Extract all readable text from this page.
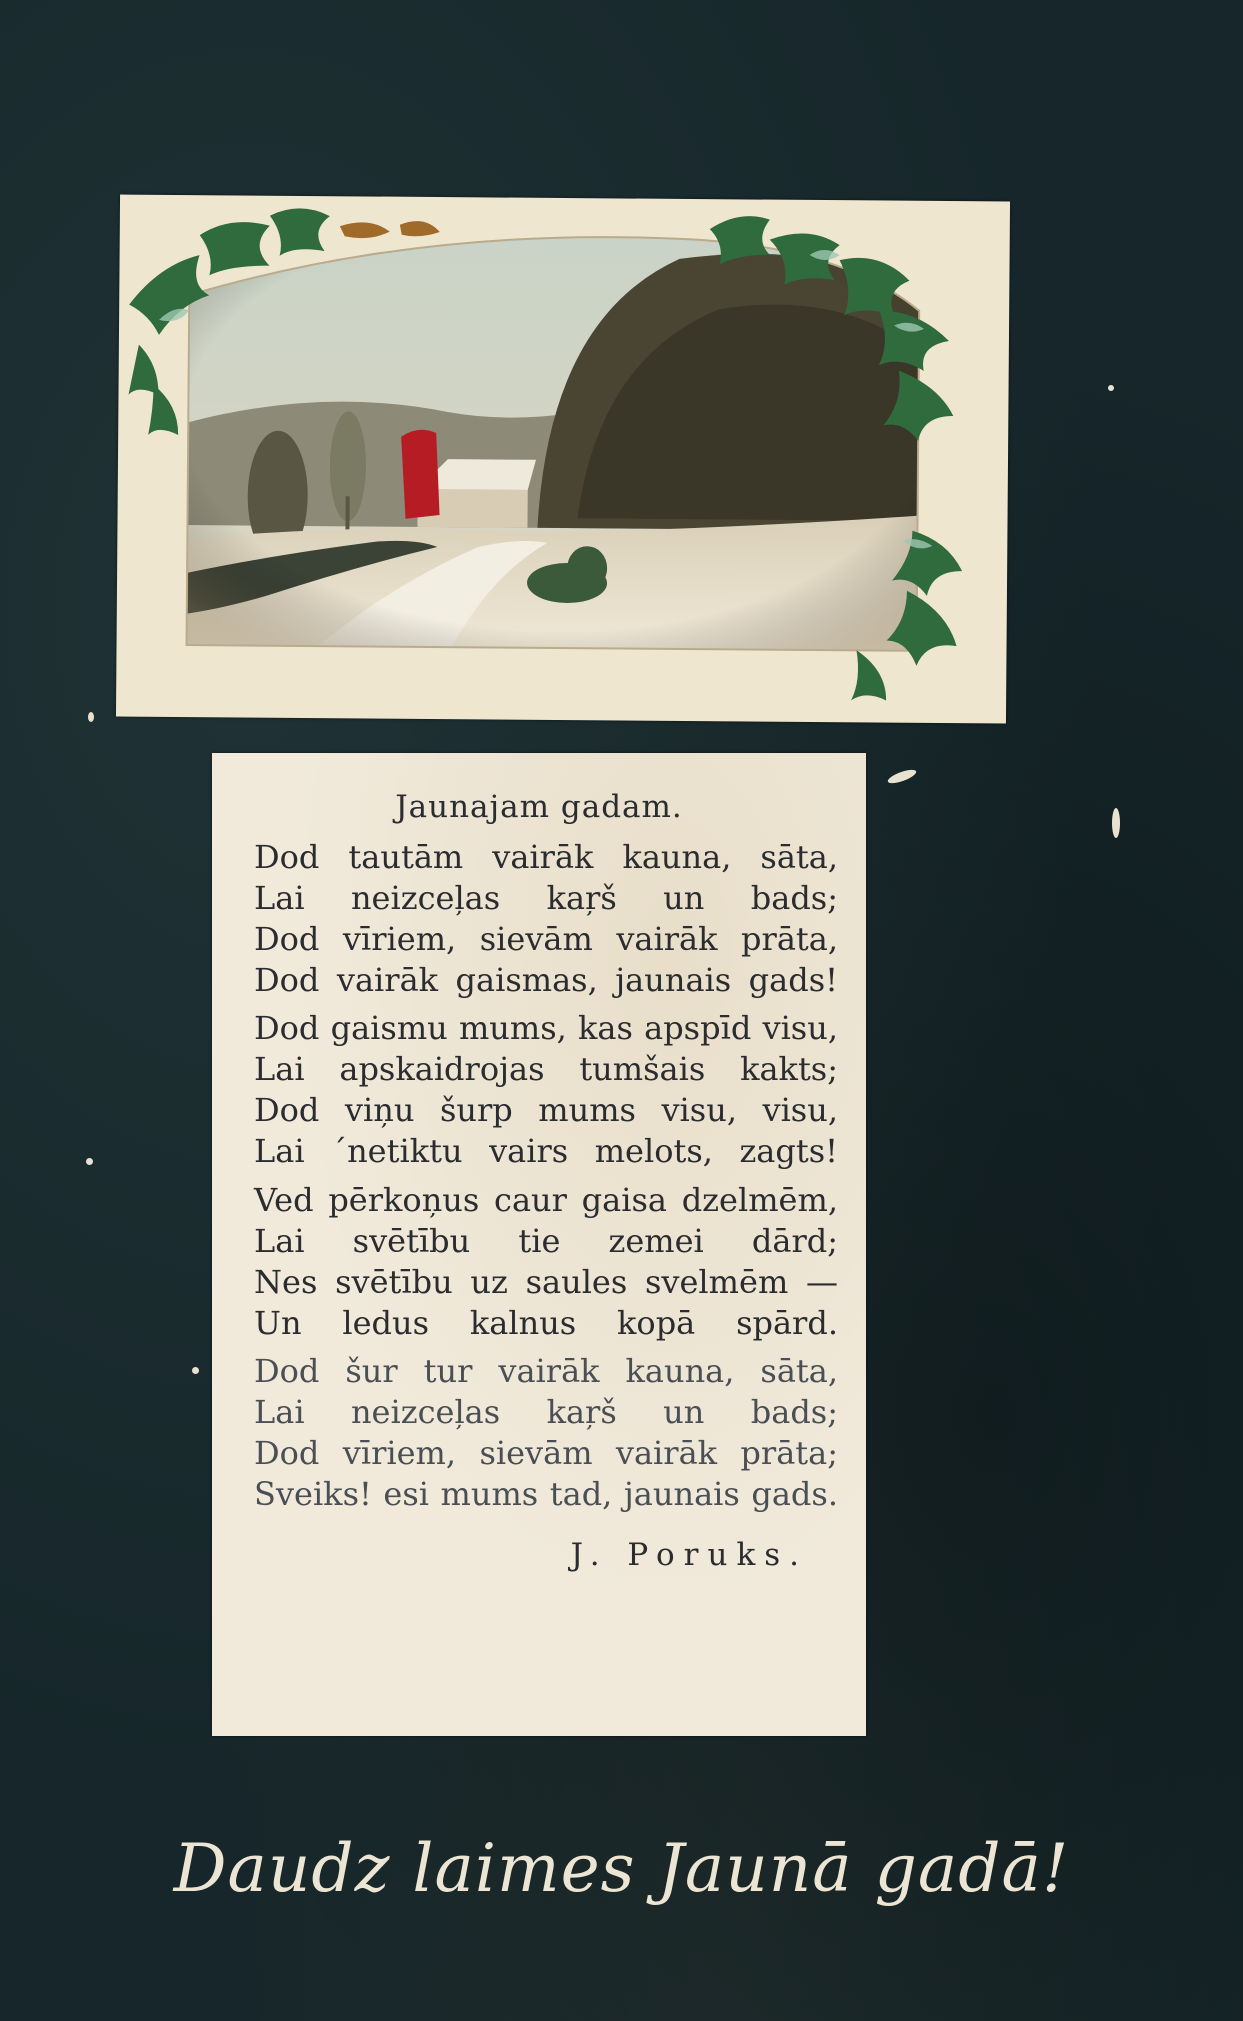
Jaunajam gadam.
Dod tautām vairāk kauna, sāta,
Lai neizceļas kaŗš un bads;
Dod vīriem, sievām vairāk prāta,
Dod vairāk gaismas, jaunais gads!
Dod gaismu mums, kas apspīd visu,
Lai apskaidrojas tumšais kakts;
Dod viņu šurp mums visu, visu,
Lai ´netiktu vairs melots, zagts!
Ved pērkoņus caur gaisa dzelmēm,
Lai svētību tie zemei dārd;
Nes svētību uz saules svelmēm —
Un ledus kalnus kopā spārd.
Dod šur tur vairāk kauna, sāta,
Lai neizceļas kaŗš un bads;
Dod vīriem, sievām vairāk prāta;
Sveiks! esi mums tad, jaunais gads.
J. Poruks.
Daudz laimes Jaunā gadā!
